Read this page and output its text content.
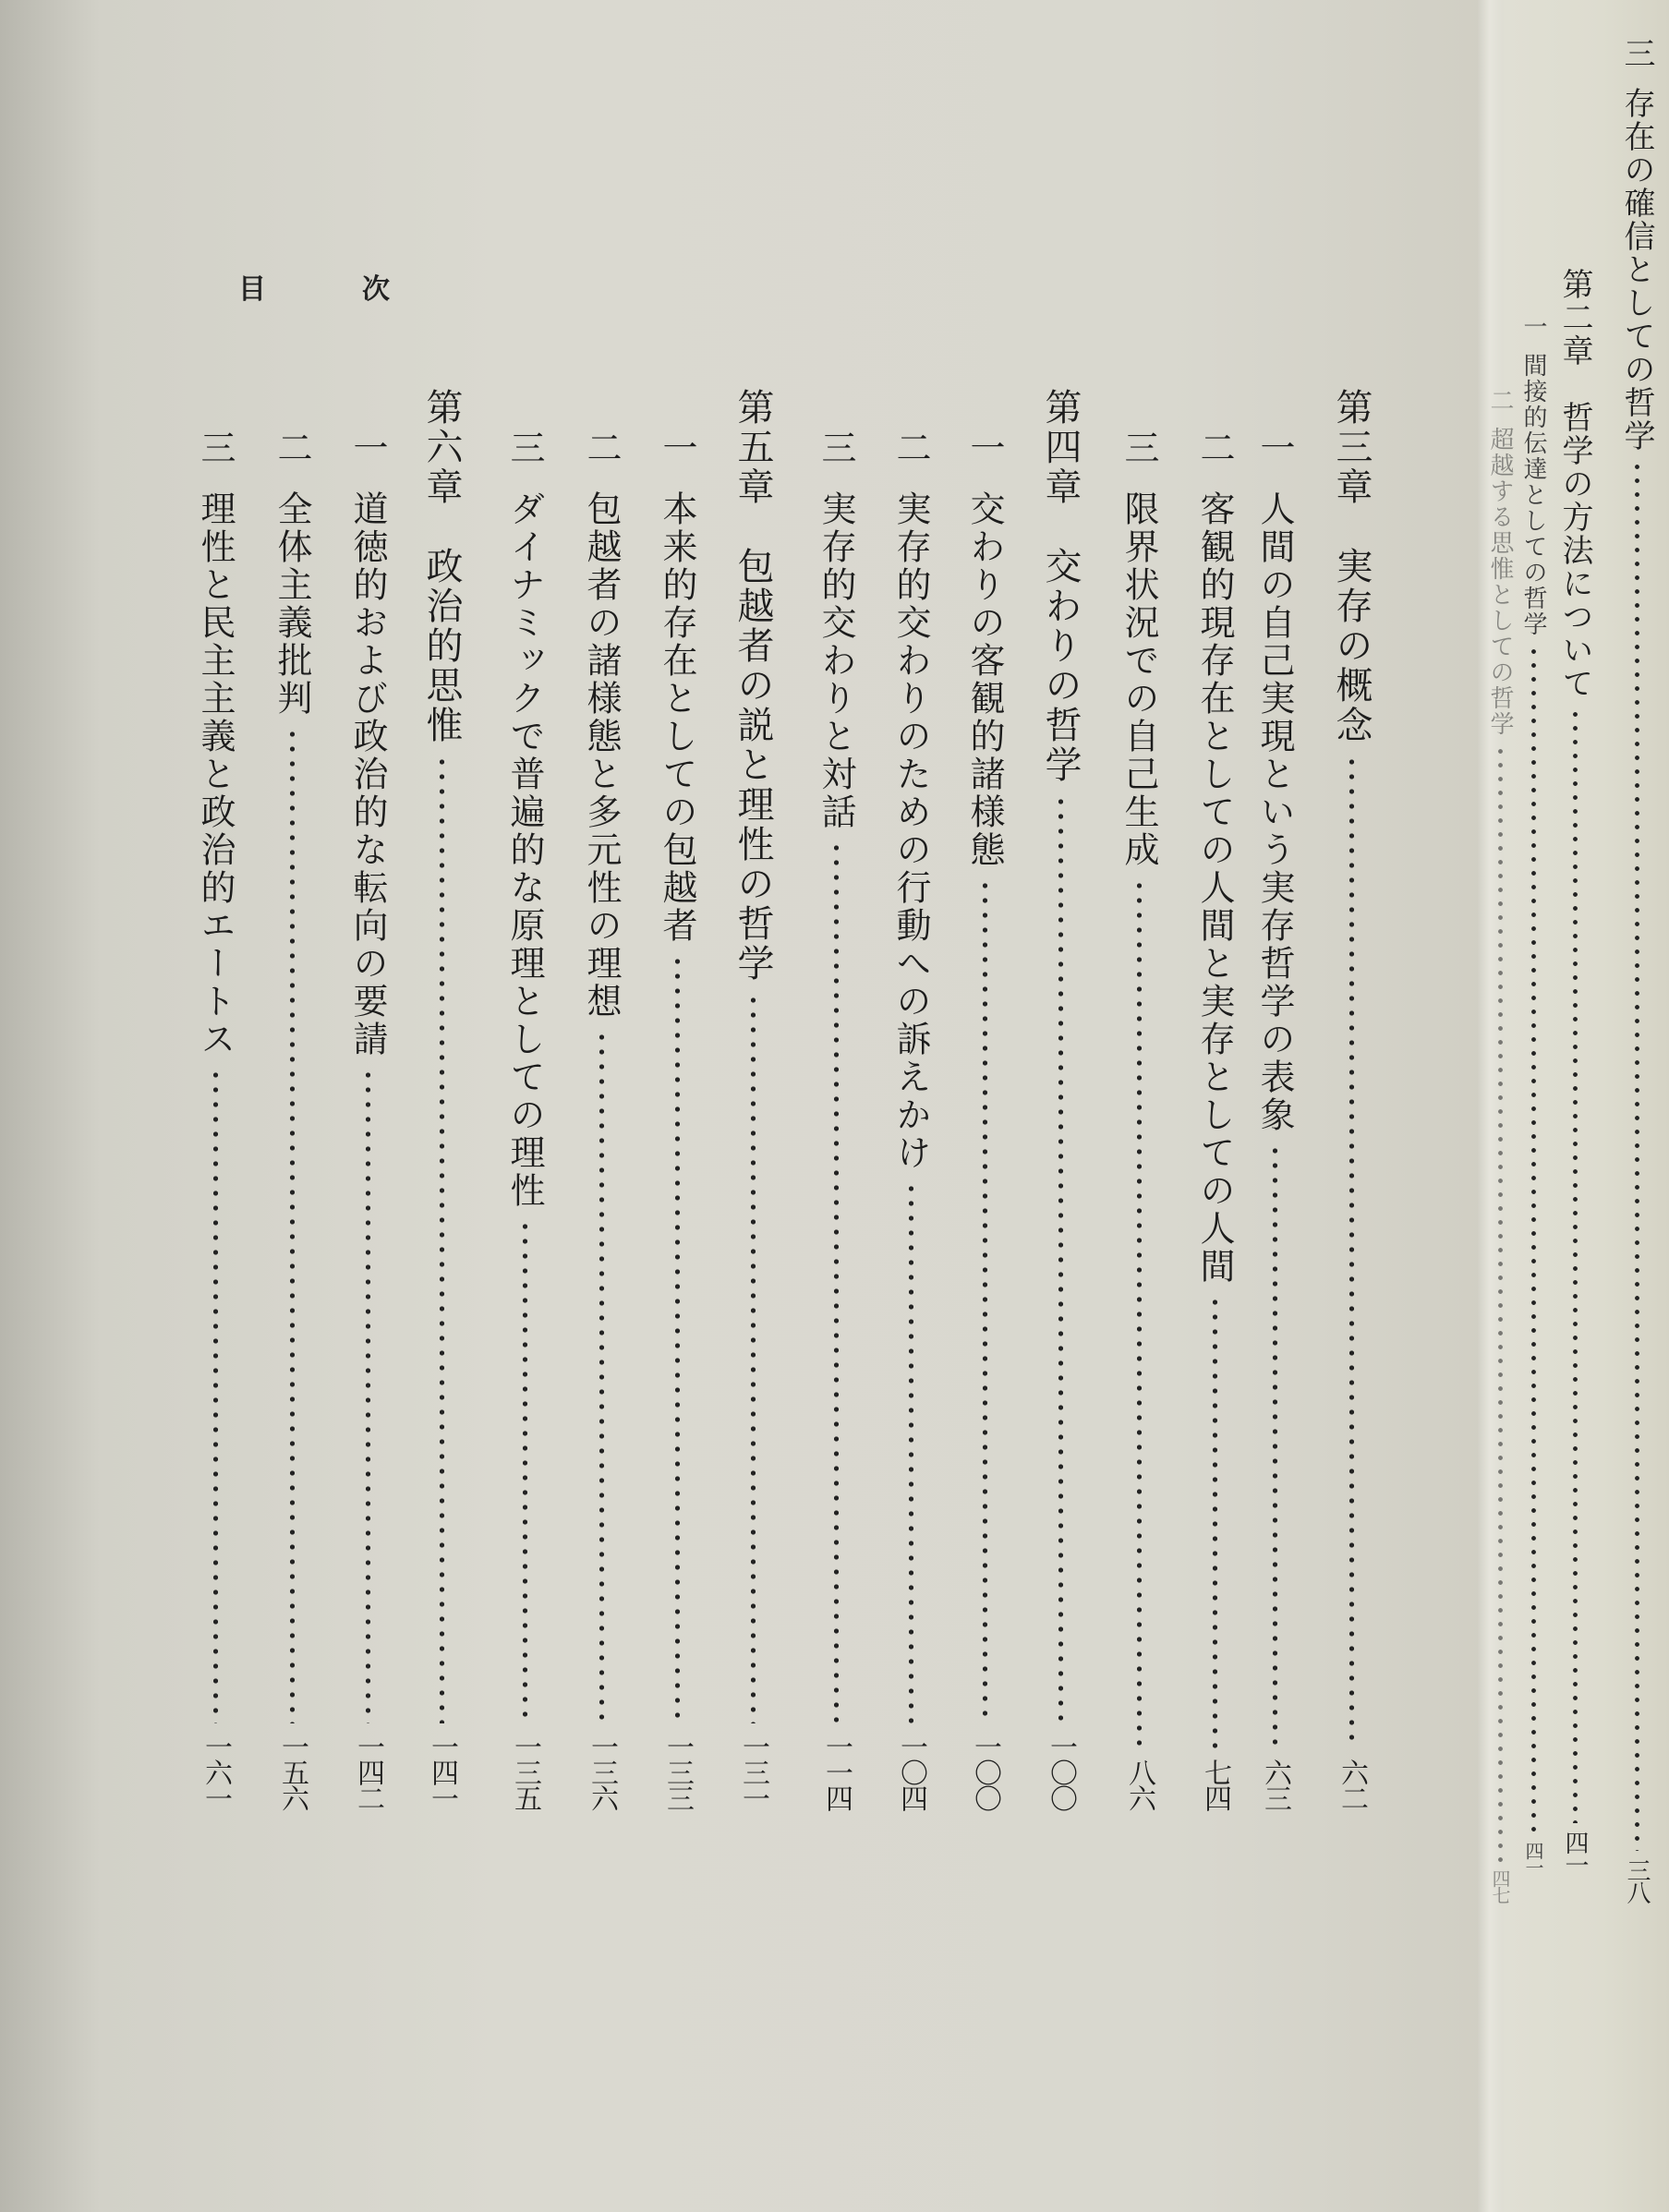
目	次
第三章　実存の概念
六二
一
人間の自己実現という実存哲学の表象
六三
二
客観的現存在としての人間と実存としての人間
七四
三
限界状況での自己生成
八六
第四章　交わりの哲学
一〇〇
一
交わりの客観的諸様態
一〇〇
二
実存的交わりのための行動への訴えかけ
一〇四
三
実存的交わりと対話
一一四
第五章　包越者の説と理性の哲学
一三一
一
本来的存在としての包越者
一三三
二
包越者の諸様態と多元性の理想
一三六
三
ダイナミックで普遍的な原理としての理性
一三五
第六章　政治的思惟
一四一
一
道徳的および政治的な転向の要請
一四二
二
全体主義批判
一五六
三
理性と民主主義と政治的エートス
一六一
三
存在の確信としての哲学
三八
第二章　哲学の方法について
四一
一
間接的伝達としての哲学
四一
二
超越する思惟としての哲学
四七
